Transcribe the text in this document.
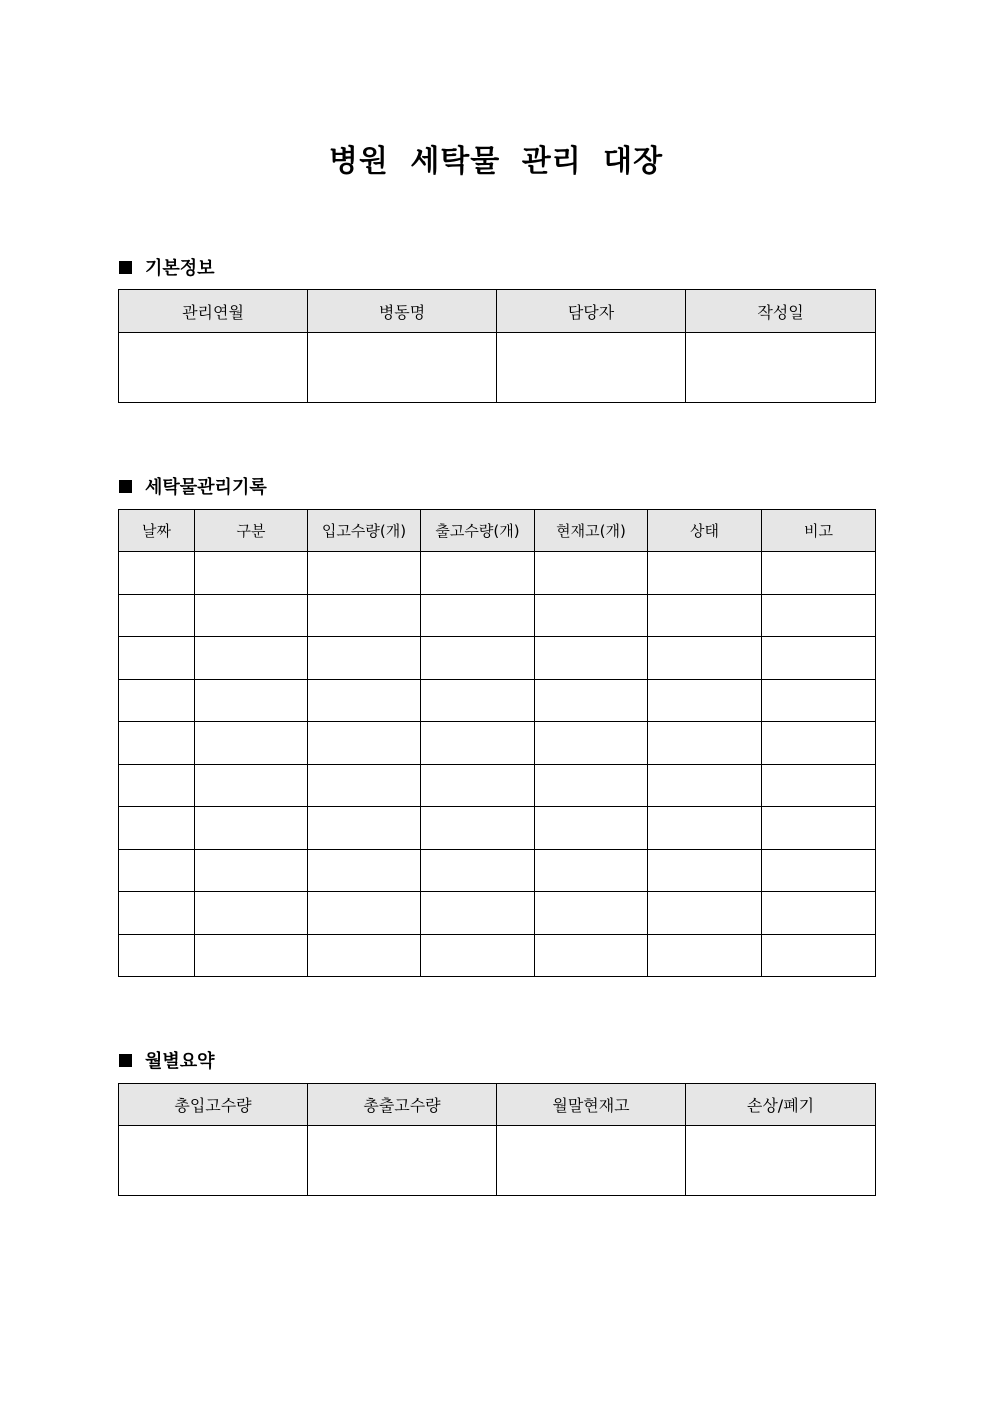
병원 세탁물 관리 대장
기본정보
관리연월	병동명	담당자	작성일

세탁물관리기록
날짜	구분	입고수량(개)	출고수량(개)	현재고(개)	상태	비고

월별요약
총입고수량	총출고수량	월말현재고	손상/폐기
